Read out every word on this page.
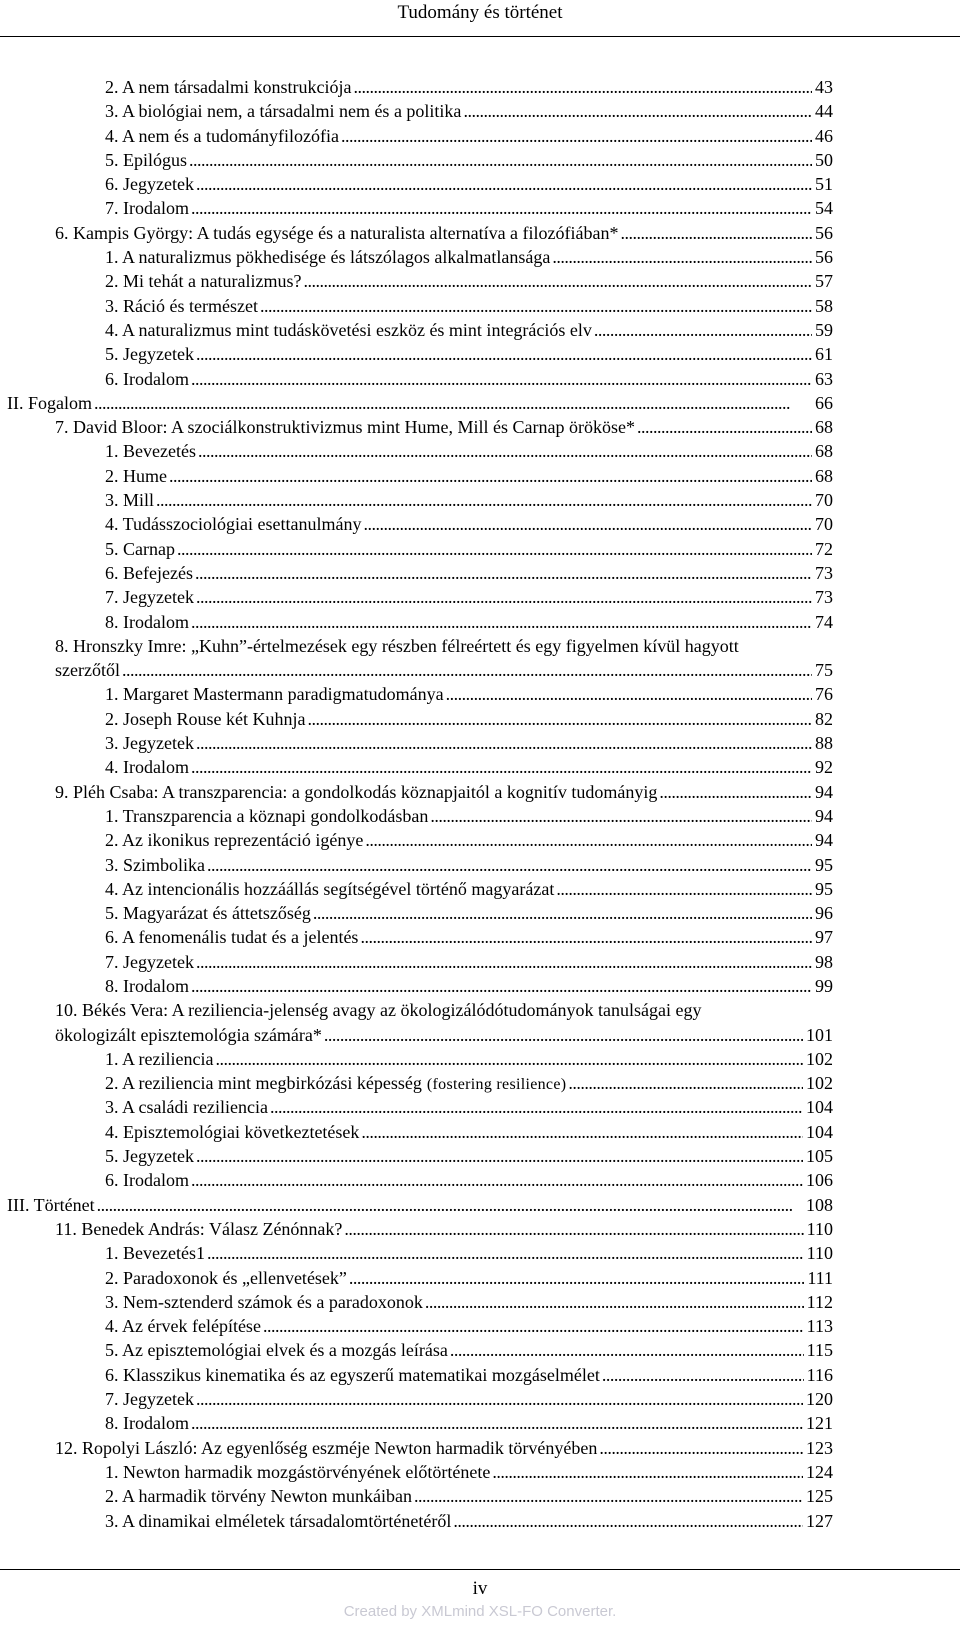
Tudomány és történet
2. A nem társadalmi konstrukciója . . .	43
3. A biológiai nem, a társadalmi nem és a politika . . .	44
4. A nem és a tudományfilozófia . . .	46
5. Epilógus . . .	50
6. Jegyzetek . . .	51
7. Irodalom . . .	54
6. Kampis György: A tudás egysége és a naturalista alternatíva a filozófiában* . . .	56
1. A naturalizmus pökhedisége és látszólagos alkalmatlansága . . .	56
2. Mi tehát a naturalizmus? . . .	57
3. Ráció és természet . . .	58
4. A naturalizmus mint tudáskövetési eszköz és mint integrációs elv . . .	59
5. Jegyzetek . . .	61
6. Irodalom . . .	63
II. Fogalom . . .	66
7. David Bloor: A szociálkonstruktivizmus mint Hume, Mill és Carnap örököse* . . .	68
1. Bevezetés . . .	68
2. Hume . . .	68
3. Mill . . .	70
4. Tudásszociológiai esettanulmány . . .	70
5. Carnap . . .	72
6. Befejezés . . .	73
7. Jegyzetek . . .	73
8. Irodalom . . .	74
8. Hronszky Imre: „Kuhn”-értelmezések egy részben félreértett és egy figyelmen kívül hagyott
szerzőtől . . .	75
1. Margaret Mastermann paradigmatudománya . . .	76
2. Joseph Rouse két Kuhnja . . .	82
3. Jegyzetek . . .	88
4. Irodalom . . .	92
9. Pléh Csaba: A transzparencia: a gondolkodás köznapjaitól a kognitív tudományig . . .	94
1. Transzparencia a köznapi gondolkodásban . . .	94
2. Az ikonikus reprezentáció igénye . . .	94
3. Szimbolika . . .	95
4. Az intencionális hozzáállás segítségével történő magyarázat . . .	95
5. Magyarázat és áttetszőség . . .	96
6. A fenomenális tudat és a jelentés . . .	97
7. Jegyzetek . . .	98
8. Irodalom . . .	99
10. Békés Vera: A reziliencia-jelenség avagy az ökologizálódótudományok tanulságai egy
ökologizált episztemológia számára* . . .	101
1. A reziliencia . . .	102
2. A reziliencia mint megbirkózási képesség (fostering resilience) . . .	102
3. A családi reziliencia . . .	104
4. Episztemológiai következtetések . . .	104
5. Jegyzetek . . .	105
6. Irodalom . . .	106
III. Történet . . .	108
11. Benedek András: Válasz Zénónnak? . . .	110
1. Bevezetés1 . . .	110
2. Paradoxonok és „ellenvetések” . . .	111
3. Nem-sztenderd számok és a paradoxonok . . .	112
4. Az érvek felépítése . . .	113
5. Az episztemológiai elvek és a mozgás leírása . . .	115
6. Klasszikus kinematika és az egyszerű matematikai mozgáselmélet . . .	116
7. Jegyzetek . . .	120
8. Irodalom . . .	121
12. Ropolyi László: Az egyenlőség eszméje Newton harmadik törvényében . . .	123
1. Newton harmadik mozgástörvényének előtörténete . . .	124
2. A harmadik törvény Newton munkáiban . . .	125
3. A dinamikai elméletek társadalomtörténetéről . . .	127
iv
Created by XMLmind XSL-FO Converter.
